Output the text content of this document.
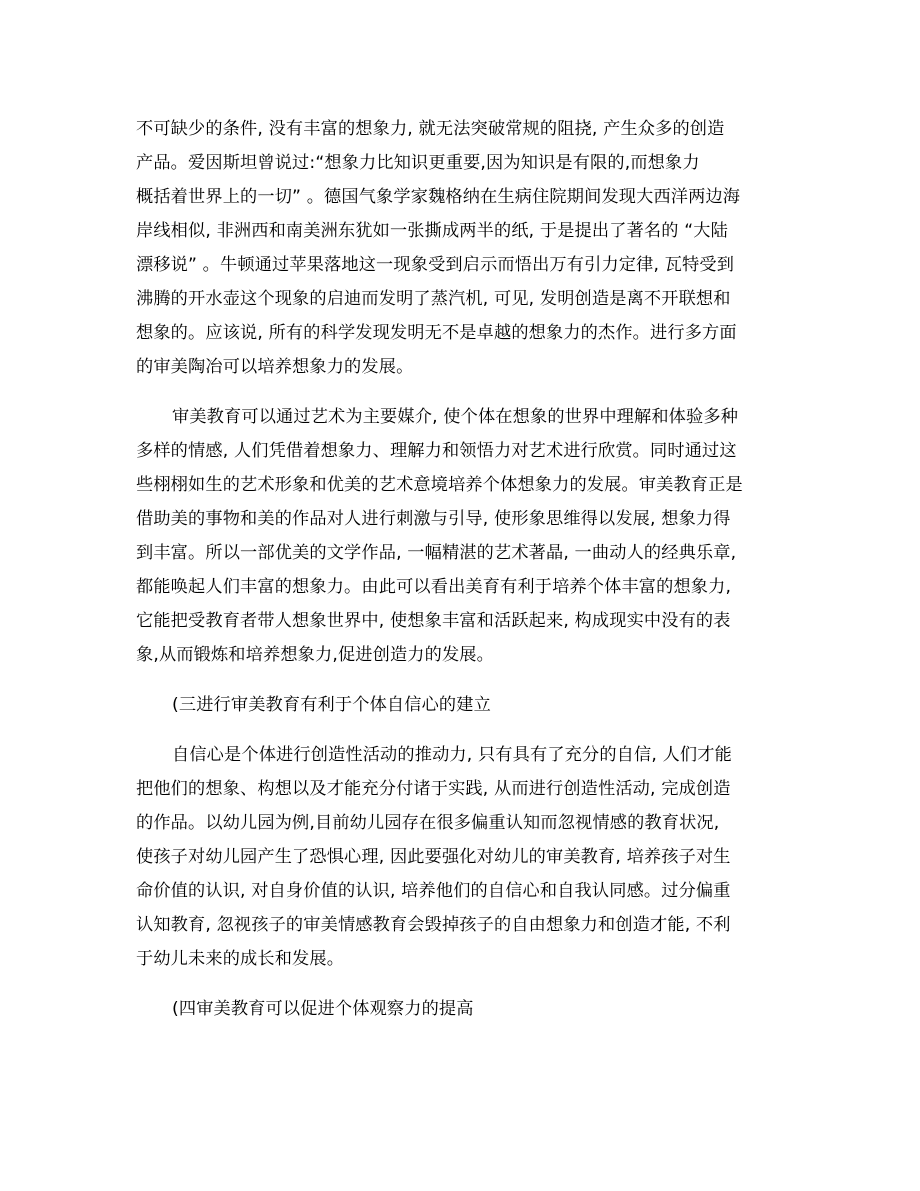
不可缺少的条件, 没有丰富的想象力, 就无法突破常规的阻挠, 产生众多的创造
产品。爱因斯坦曾说过:“想象力比知识更重要,因为知识是有限的,而想象力
概括着世界上的一切” 。德国气象学家魏格纳在生病住院期间发现大西洋两边海
岸线相似, 非洲西和南美洲东犹如一张撕成两半的纸, 于是提出了著名的 “大陆
漂移说” 。牛顿通过苹果落地这一现象受到启示而悟出万有引力定律, 瓦特受到
沸腾的开水壶这个现象的启迪而发明了蒸汽机, 可见, 发明创造是离不开联想和
想象的。应该说, 所有的科学发现发明无不是卓越的想象力的杰作。进行多方面
的审美陶冶可以培养想象力的发展。
审美教育可以通过艺术为主要媒介, 使个体在想象的世界中理解和体验多种
多样的情感, 人们凭借着想象力、理解力和领悟力对艺术进行欣赏。同时通过这
些栩栩如生的艺术形象和优美的艺术意境培养个体想象力的发展。审美教育正是
借助美的事物和美的作品对人进行刺激与引导, 使形象思维得以发展, 想象力得
到丰富。所以一部优美的文学作品, 一幅精湛的艺术著晶, 一曲动人的经典乐章,
都能唤起人们丰富的想象力。由此可以看出美育有利于培养个体丰富的想象力,
它能把受教育者带人想象世界中, 使想象丰富和活跃起来, 构成现实中没有的表
象,从而锻炼和培养想象力,促进创造力的发展。
(三进行审美教育有利于个体自信心的建立
自信心是个体进行创造性活动的推动力, 只有具有了充分的自信, 人们才能
把他们的想象、构想以及才能充分付诸于实践, 从而进行创造性活动, 完成创造
的作品。以幼儿园为例,目前幼儿园存在很多偏重认知而忽视情感的教育状况,
使孩子对幼儿园产生了恐惧心理, 因此要强化对幼儿的审美教育, 培养孩子对生
命价值的认识, 对自身价值的认识, 培养他们的自信心和自我认同感。过分偏重
认知教育, 忽视孩子的审美情感教育会毁掉孩子的自由想象力和创造才能, 不利
于幼儿未来的成长和发展。
(四审美教育可以促进个体观察力的提高
